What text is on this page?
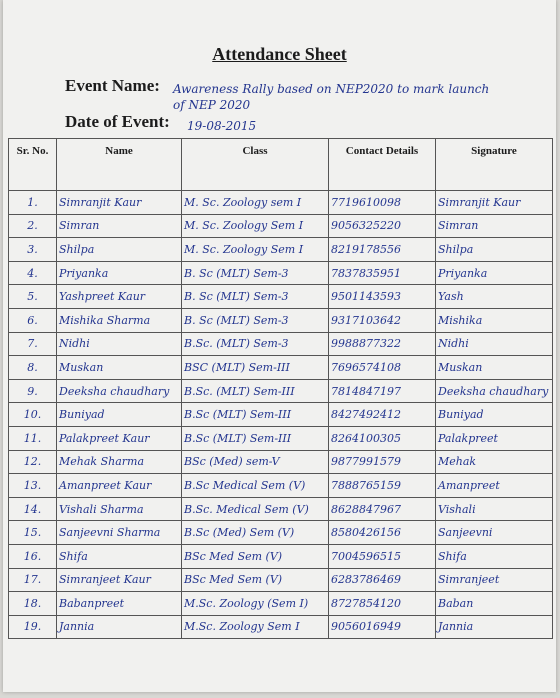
Attendance Sheet
Event Name: Awareness Rally based on NEP2020 to mark launch
of NEP 2020
Date of Event: 19-08-2015
Sr. No.	Name	Class	Contact Details	Signature
1.	Simranjit Kaur	M. Sc. Zoology sem I	7719610098	Simranjit Kaur
2.	Simran	M. Sc. Zoology Sem I	9056325220	Simran
3.	Shilpa	M. Sc. Zoology Sem I	8219178556	Shilpa
4.	Priyanka	B. Sc (MLT) Sem-3	7837835951	Priyanka
5.	Yashpreet Kaur	B. Sc (MLT) Sem-3	9501143593	Yash
6.	Mishika Sharma	B. Sc (MLT) Sem-3	9317103642	Mishika
7.	Nidhi	B.Sc. (MLT) Sem-3	9988877322	Nidhi
8.	Muskan	BSC (MLT) Sem-III	7696574108	Muskan
9.	Deeksha chaudhary	B.Sc. (MLT) Sem-III	7814847197	Deeksha chaudhary
10.	Buniyad	B.Sc (MLT) Sem-III	8427492412	Buniyad
11.	Palakpreet Kaur	B.Sc (MLT) Sem-III	8264100305	Palakpreet
12.	Mehak Sharma	BSc (Med) sem-V	9877991579	Mehak
13.	Amanpreet Kaur	B.Sc Medical Sem (V)	7888765159	Amanpreet
14.	Vishali Sharma	B.Sc. Medical Sem (V)	8628847967	Vishali
15.	Sanjeevni Sharma	B.Sc (Med) Sem (V)	8580426156	Sanjeevni
16.	Shifa	BSc Med Sem (V)	7004596515	Shifa
17.	Simranjeet Kaur	BSc Med Sem (V)	6283786469	Simranjeet
18.	Babanpreet	M.Sc. Zoology (Sem I)	8727854120	Baban
19.	Jannia	M.Sc. Zoology Sem I	9056016949	Jannia
